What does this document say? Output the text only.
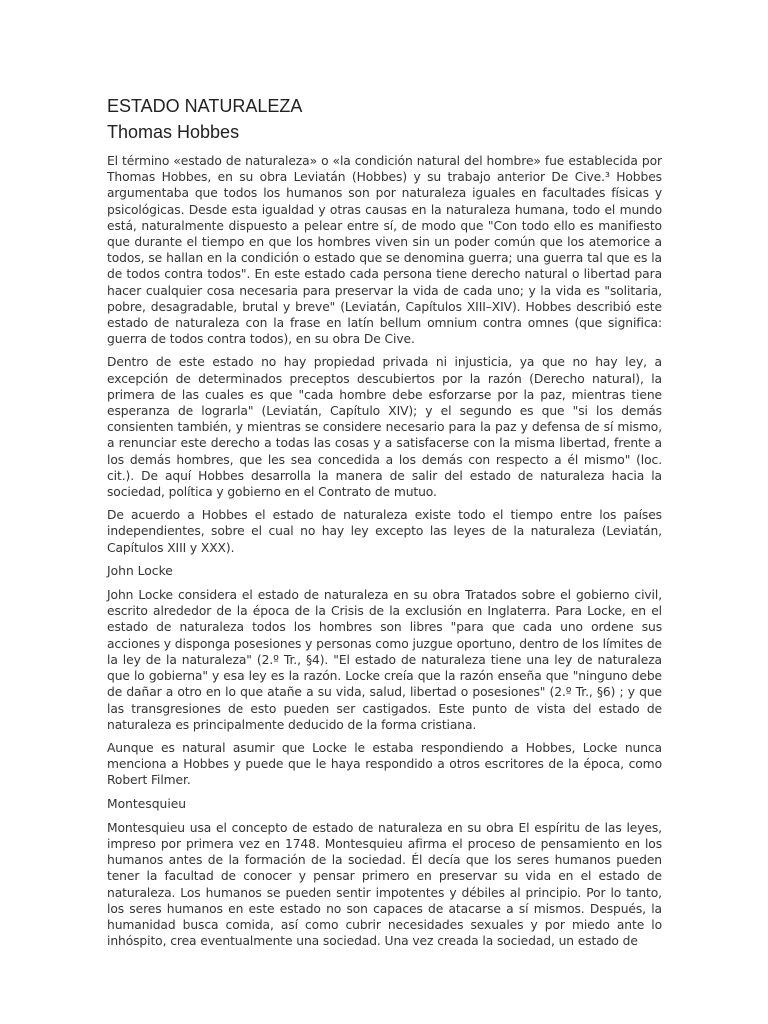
ESTADO NATURALEZA
Thomas Hobbes

El término «estado de naturaleza» o «la condición natural del hombre» fue establecida por Thomas Hobbes, en su obra Leviatán (Hobbes) y su trabajo anterior De Cive.³ Hobbes argumentaba que todos los humanos son por naturaleza iguales en facultades físicas y psicológicas. Desde esta igualdad y otras causas en la naturaleza humana, todo el mundo está, naturalmente dispuesto a pelear entre sí, de modo que "Con todo ello es manifiesto que durante el tiempo en que los hombres viven sin un poder común que los atemorice a todos, se hallan en la condición o estado que se denomina guerra; una guerra tal que es la de todos contra todos". En este estado cada persona tiene derecho natural o libertad para hacer cualquier cosa necesaria para preservar la vida de cada uno; y la vida es "solitaria, pobre, desagradable, brutal y breve" (Leviatán, Capítulos XIII–XIV). Hobbes describió este estado de naturaleza con la frase en latín bellum omnium contra omnes (que significa: guerra de todos contra todos), en su obra De Cive.

Dentro de este estado no hay propiedad privada ni injusticia, ya que no hay ley, a excepción de determinados preceptos descubiertos por la razón (Derecho natural), la primera de las cuales es que "cada hombre debe esforzarse por la paz, mientras tiene esperanza de lograrla" (Leviatán, Capítulo XIV); y el segundo es que "si los demás consienten también, y mientras se considere necesario para la paz y defensa de sí mismo, a renunciar este derecho a todas las cosas y a satisfacerse con la misma libertad, frente a los demás hombres, que les sea concedida a los demás con respecto a él mismo" (loc. cit.). De aquí Hobbes desarrolla la manera de salir del estado de naturaleza hacia la sociedad, política y gobierno en el Contrato de mutuo.

De acuerdo a Hobbes el estado de naturaleza existe todo el tiempo entre los países independientes, sobre el cual no hay ley excepto las leyes de la naturaleza (Leviatán, Capítulos XIII y XXX).

John Locke

John Locke considera el estado de naturaleza en su obra Tratados sobre el gobierno civil, escrito alrededor de la época de la Crisis de la exclusión en Inglaterra. Para Locke, en el estado de naturaleza todos los hombres son libres "para que cada uno ordene sus acciones y disponga posesiones y personas como juzgue oportuno, dentro de los límites de la ley de la naturaleza" (2.º Tr., §4). "El estado de naturaleza tiene una ley de naturaleza que lo gobierna" y esa ley es la razón. Locke creía que la razón enseña que "ninguno debe de dañar a otro en lo que atañe a su vida, salud, libertad o posesiones" (2.º Tr., §6) ; y que las transgresiones de esto pueden ser castigados. Este punto de vista del estado de naturaleza es principalmente deducido de la forma cristiana.

Aunque es natural asumir que Locke le estaba respondiendo a Hobbes, Locke nunca menciona a Hobbes y puede que le haya respondido a otros escritores de la época, como Robert Filmer.

Montesquieu

Montesquieu usa el concepto de estado de naturaleza en su obra El espíritu de las leyes, impreso por primera vez en 1748. Montesquieu afirma el proceso de pensamiento en los humanos antes de la formación de la sociedad. Él decía que los seres humanos pueden tener la facultad de conocer y pensar primero en preservar su vida en el estado de naturaleza. Los humanos se pueden sentir impotentes y débiles al principio. Por lo tanto, los seres humanos en este estado no son capaces de atacarse a sí mismos. Después, la humanidad busca comida, así como cubrir necesidades sexuales y por miedo ante lo inhóspito, crea eventualmente una sociedad. Una vez creada la sociedad, un estado de
